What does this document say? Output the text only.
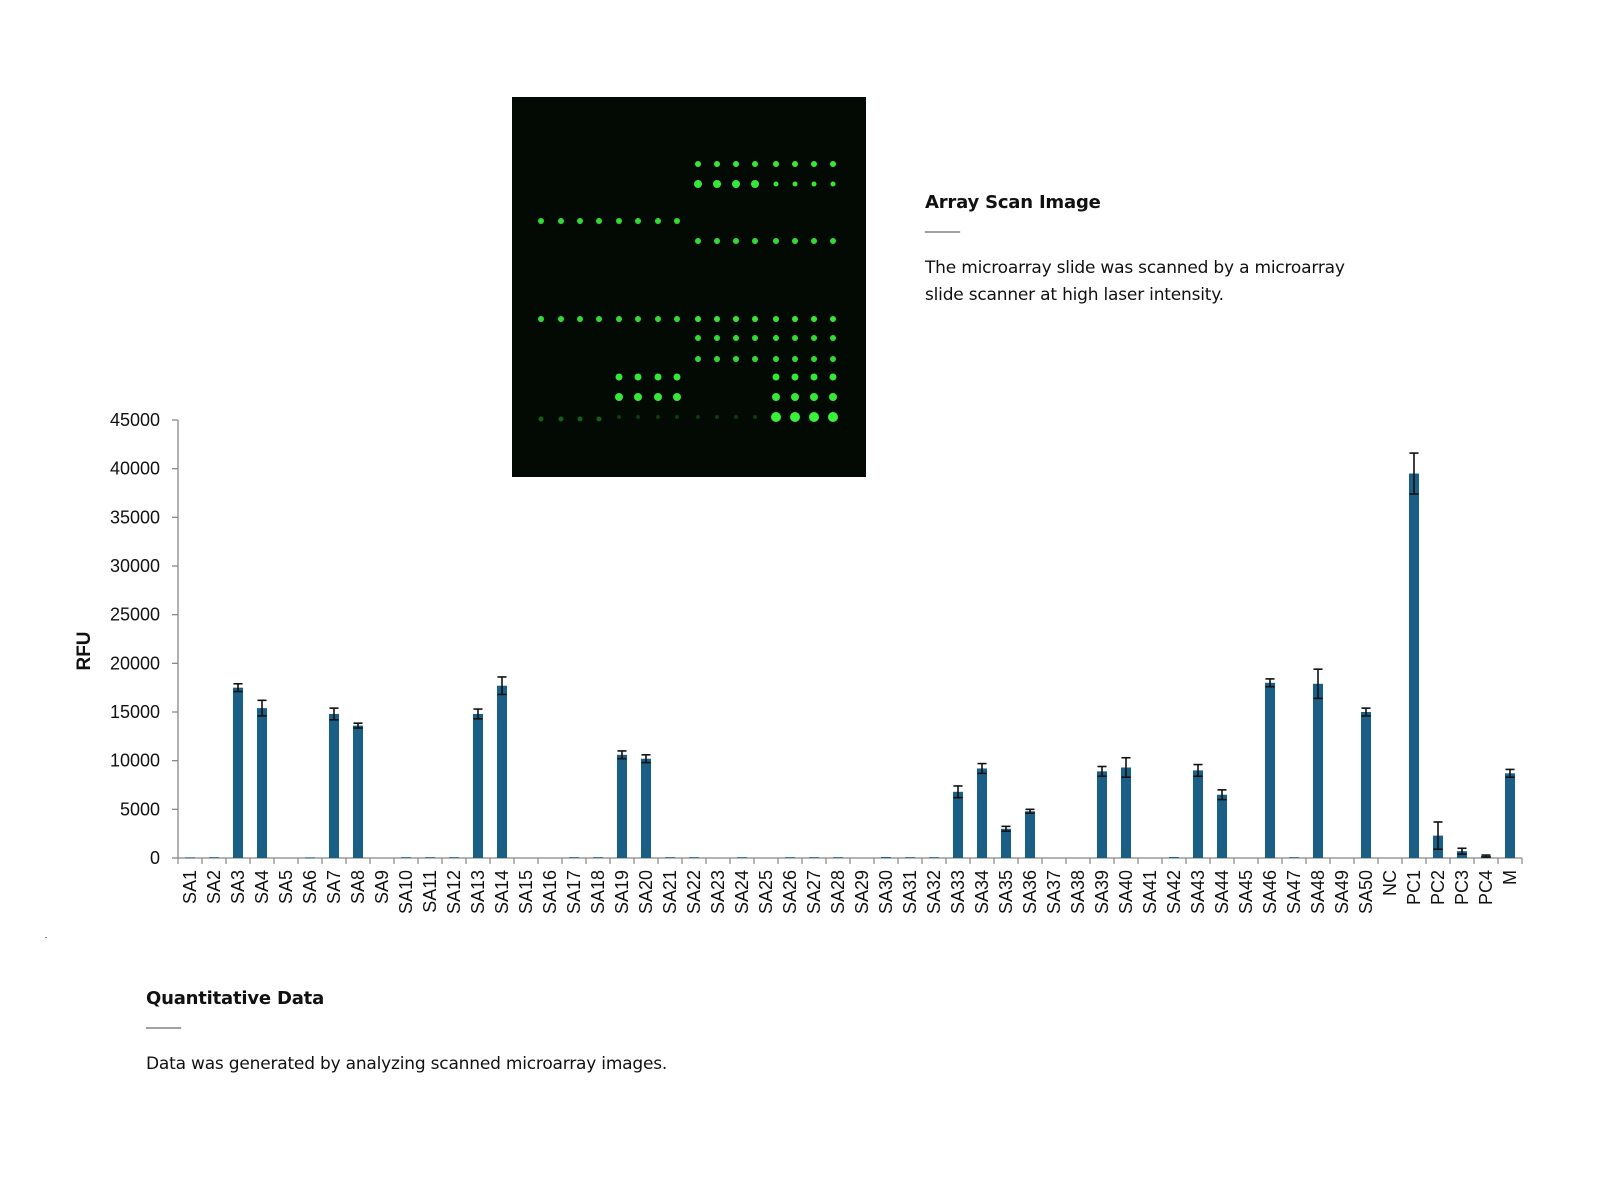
Array Scan Image
_____
The microarray slide was scanned by a microarray slide scanner at high laser intensity.
RFU
0
5000
10000
15000
20000
25000
30000
35000
40000
45000
SA1 SA2 SA3 SA4 SA5 SA6 SA7 SA8 SA9 SA10 SA11 SA12 SA13 SA14 SA15 SA16 SA17 SA18 SA19 SA20 SA21 SA22 SA23 SA24 SA25 SA26 SA27 SA28 SA29 SA30 SA31 SA32 SA33 SA34 SA35 SA36 SA37 SA38 SA39 SA40 SA41 SA42 SA43 SA44 SA45 SA46 SA47 SA48 SA49 SA50 NC PC1 PC2 PC3 PC4 M
Quantitative Data
_____
Data was generated by analyzing scanned microarray images.
